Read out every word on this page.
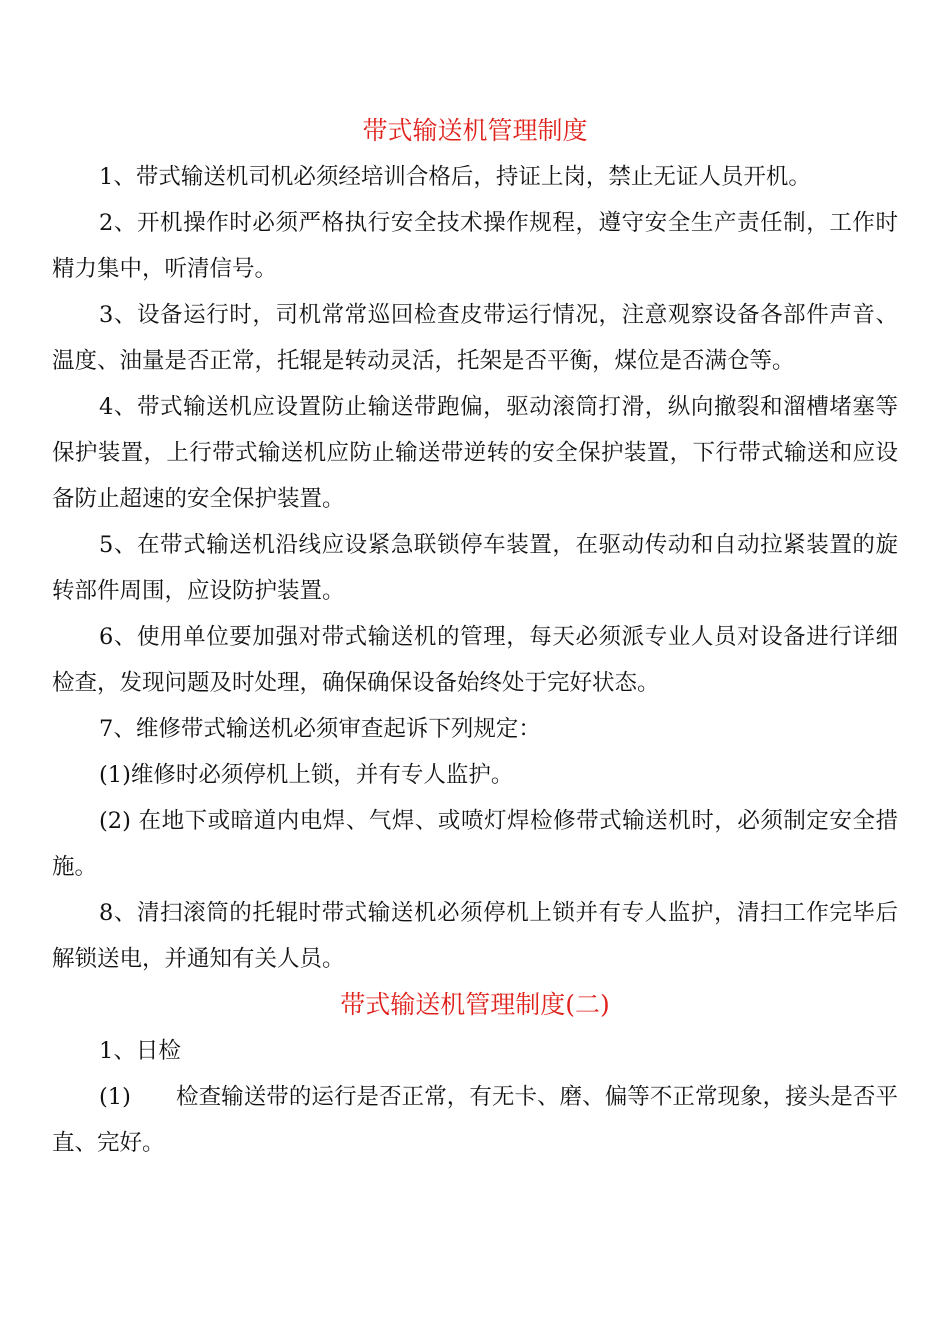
带式输送机管理制度

1、带式输送机司机必须经培训合格后，持证上岗，禁止无证人员开机。

2、开机操作时必须严格执行安全技术操作规程，遵守安全生产责任制，工作时精力集中，听清信号。

3、设备运行时，司机常常巡回检查皮带运行情况，注意观察设备各部件声音、温度、油量是否正常，托辊是转动灵活，托架是否平衡，煤位是否满仓等。

4、带式输送机应设置防止输送带跑偏，驱动滚筒打滑，纵向撤裂和溜槽堵塞等保护装置，上行带式输送机应防止输送带逆转的安全保护装置，下行带式输送和应设备防止超速的安全保护装置。

5、在带式输送机沿线应设紧急联锁停车装置，在驱动传动和自动拉紧装置的旋转部件周围，应设防护装置。

6、使用单位要加强对带式输送机的管理，每天必须派专业人员对设备进行详细检查，发现问题及时处理，确保确保设备始终处于完好状态。

7、维修带式输送机必须审查起诉下列规定：

(1)维修时必须停机上锁，并有专人监护。

(2) 在地下或暗道内电焊、气焊、或喷灯焊检修带式输送机时，必须制定安全措施。

8、清扫滚筒的托辊时带式输送机必须停机上锁并有专人监护，清扫工作完毕后解锁送电，并通知有关人员。

带式输送机管理制度(二)

1、日检

(1)　　检查输送带的运行是否正常，有无卡、磨、偏等不正常现象，接头是否平直、完好。
